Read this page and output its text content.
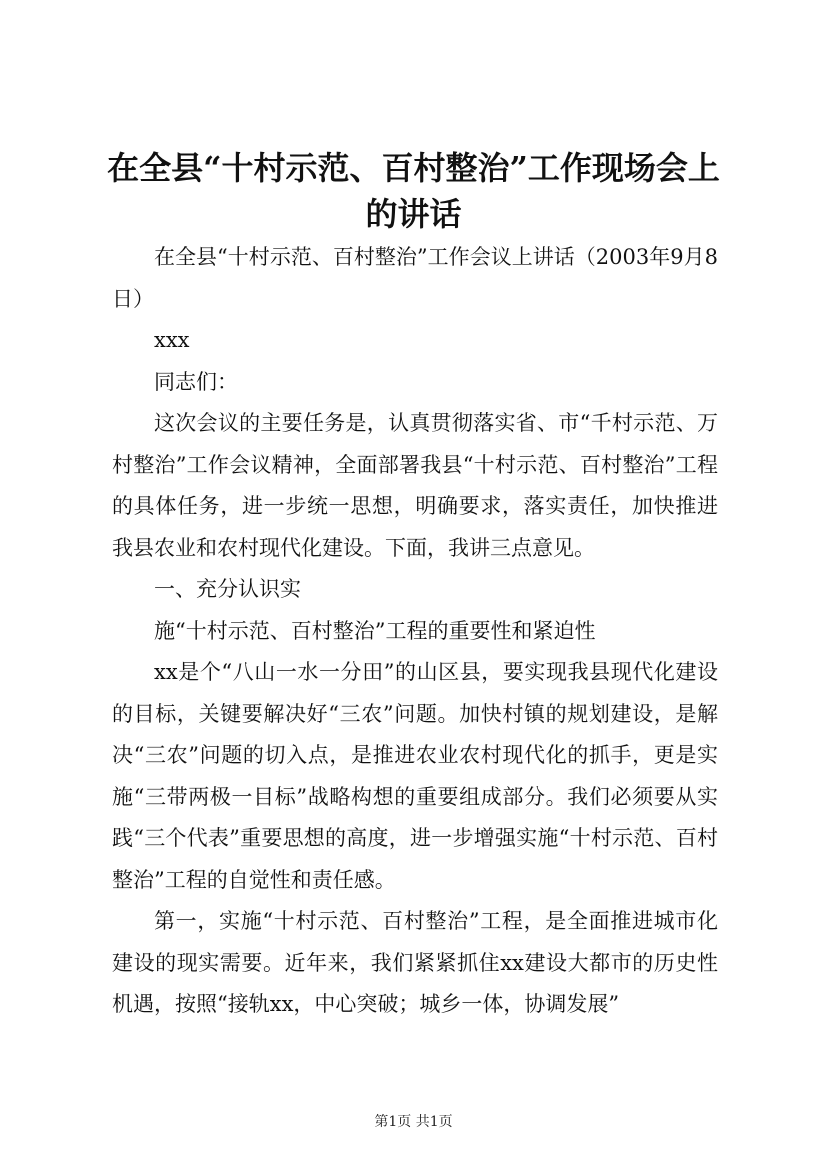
在全县“十村示范、百村整治”工作现场会上
的讲话

在全县“十村示范、百村整治”工作会议上讲话（2003年9月8日）

xxx

同志们：

这次会议的主要任务是，认真贯彻落实省、市“千村示范、万村整治”工作会议精神，全面部署我县“十村示范、百村整治”工程的具体任务，进一步统一思想，明确要求，落实责任，加快推进我县农业和农村现代化建设。下面，我讲三点意见。

一、充分认识实

施“十村示范、百村整治”工程的重要性和紧迫性

xx是个“八山一水一分田”的山区县，要实现我县现代化建设的目标，关键要解决好“三农”问题。加快村镇的规划建设，是解决“三农”问题的切入点，是推进农业农村现代化的抓手，更是实施“三带两极一目标”战略构想的重要组成部分。我们必须要从实践“三个代表”重要思想的高度，进一步增强实施“十村示范、百村整治”工程的自觉性和责任感。

第一，实施“十村示范、百村整治”工程，是全面推进城市化建设的现实需要。近年来，我们紧紧抓住xx建设大都市的历史性机遇，按照“接轨xx，中心突破；城乡一体，协调发展”

第1页 共1页
